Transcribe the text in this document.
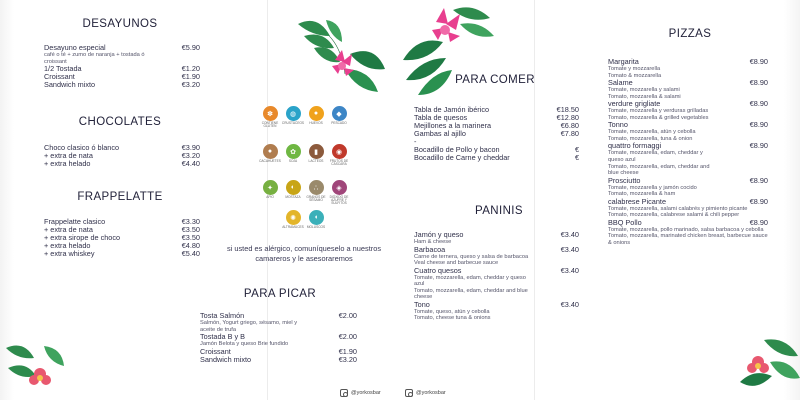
DESAYUNOS
Desayuno especial	€5.90
café o té + zumo de naranja + tostada ó croissant
1/2 Tostada	€1.20
Croissant	€1.90
Sandwich mixto	€3.20
CHOCOLATES
Choco clasico ó blanco	€3.90
+ extra de nata	€3.20
+ extra helado	€4.40
FRAPPELATTE
Frappelatte clasico	€3.30
+ extra de nata	€3.50
+ extra sirope de choco	€3.50
+ extra helado	€4.80
+ extra whiskey	€5.40
✽
CONTIENE GLUTEN
◍
CRUSTÁCEOS
●
HUEVOS
◆
PESCADO
●
CACAHUETES
✿
SOJA
▮
LACTEOS
◉
FRUTOS DE CÁSCARA
✦
APIO
◐
MOSTAZA
∴
GRANOS DE SÉSAMO
◈
DIÓXIDO DE AZUFRE Y SULFITOS
✺
ALTRAMUCES
◖
MOLUSCOS
si usted es alérgico, comuníqueselo a nuestros camareros y le asesoraremos
PARA PICAR
Tosta Salmón	€2.00
Salmón, Yogurt griego, sésamo, miel y aceite de trufa
Tostada B y B	€2.00
Jamón Belota y queso Brie fundido
Croissant	€1.90
Sandwich mixto	€3.20
@yorkosbar
PARA COMER
Tabla de Jamón ibérico	€18.50
Tabla de quesos	€12.80
Mejillones a la marinera	€6.80
Gambas al ajillo	€7.80
-
Bocadillo de Pollo y bacon	€
Bocadillo de Carne y cheddar	€
PANINIS
Jamón y queso	€3.40
Ham & cheese
Barbacoa	€3.40
Carne de ternera, queso y salsa de barbacoa
Veal cheese and barbecue sauce
Cuatro quesos	€3.40
Tomate, mozzarella, edam, cheddar y queso azul
Tomato, mozzarella, edam, cheddar and blue cheese
Tono	€3.40
Tomate, queso, atún y cebolla
Tomato, cheese tuna & onions
@yorkosbar
PIZZAS
Margarita	€8.90
Tomate y mozzarella
Tomato & mozzarella
Salame	€8.90
Tomate, mozzarella y salami
Tomato, mozzarella & salami
verdure grigliate	€8.90
Tomate, mozzarella y verduras grilladas
Tomato, mozzarella & grilled vegetables
Tonno	€8.90
Tomate, mozzarella, atún y cebolla
Tomato, mozzarella, tuna & onion
quattro formaggi	€8.90
Tomate, mozzarella, edam, cheddar y queso azul
Tomato, mozzarella, edam, cheddar and blue cheese
Prosciutto	€8.90
Tomate, mozzarella y jamón cocido
Tomato, mozzarella & ham
calabrese Picante	€8.90
Tomate, mozzarella, salami calabrés y pimiento picante
Tomato, mozzarella, calabrese salami & chili pepper
BBQ Pollo	€8.90
Tomate, mozzarella, pollo marinado, salsa barbacoa y cebolla
Tomato, mozzarella, marinated chicken breast, barbecue sauce & onions
